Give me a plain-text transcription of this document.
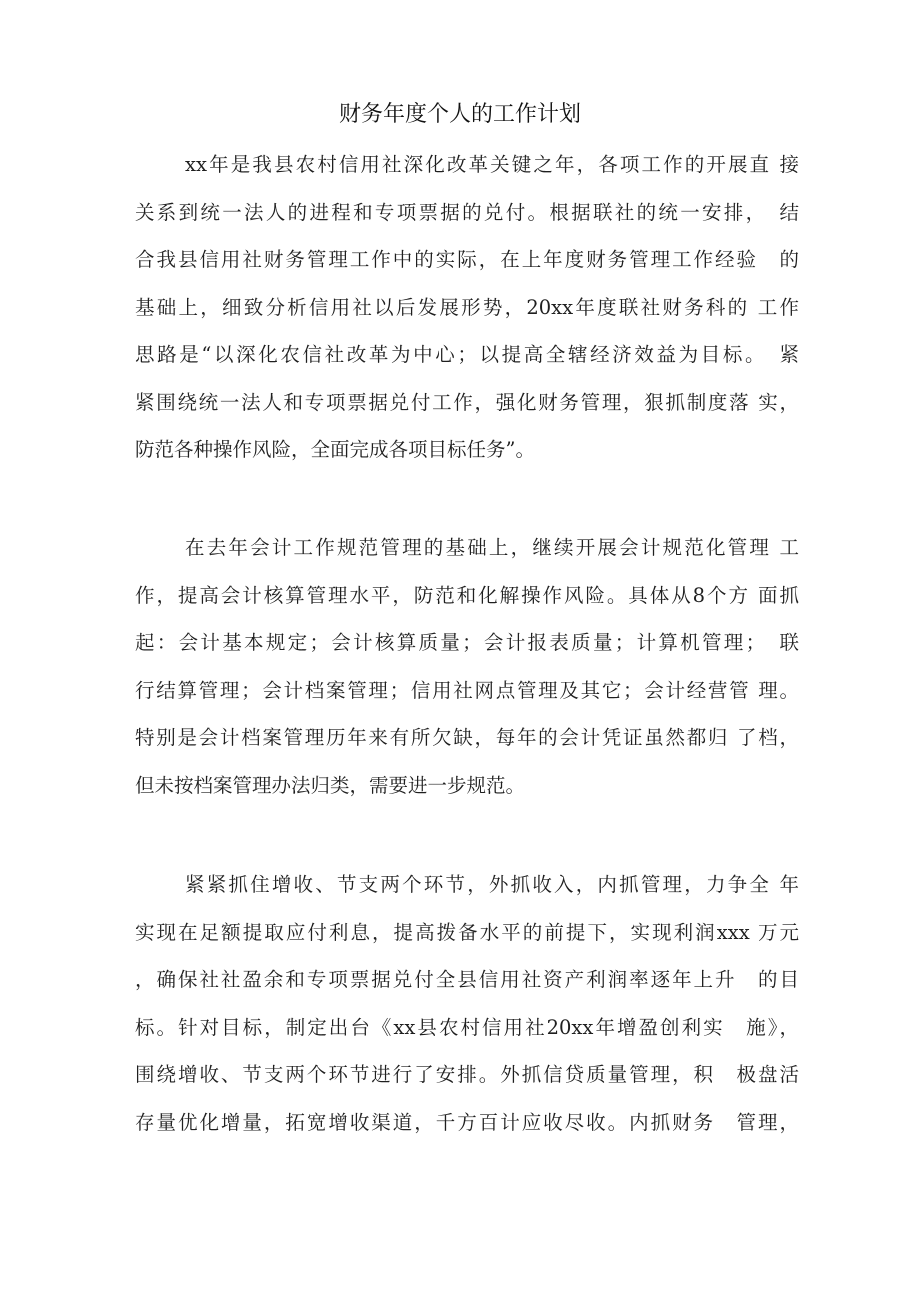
财务年度个人的工作计划
xx年是我县农村信用社深化改革关键之年，各项工作的开展直 接
关系到统一法人的进程和专项票据的兑付。根据联社的统一安排，　结
合我县信用社财务管理工作中的实际，在上年度财务管理工作经验　的
基础上，细致分析信用社以后发展形势，20xx年度联社财务科的 工作
思路是“以深化农信社改革为中心；以提高全辖经济效益为目标。　紧
紧围绕统一法人和专项票据兑付工作，强化财务管理，狠抓制度落 实，
防范各种操作风险，全面完成各项目标任务”。
在去年会计工作规范管理的基础上，继续开展会计规范化管理 工
作，提高会计核算管理水平，防范和化解操作风险。具体从8个方 面抓
起：会计基本规定；会计核算质量；会计报表质量；计算机管理；　联
行结算管理；会计档案管理；信用社网点管理及其它；会计经营管 理。
特别是会计档案管理历年来有所欠缺，每年的会计凭证虽然都归 了档，
但未按档案管理办法归类，需要进一步规范。
紧紧抓住增收、节支两个环节，外抓收入，内抓管理，力争全 年
实现在足额提取应付利息，提高拨备水平的前提下，实现利润xxx 万元
，确保社社盈余和专项票据兑付全县信用社资产利润率逐年上升　的目
标。针对目标，制定出台《xx县农村信用社20xx年增盈创利实　施》，
围绕增收、节支两个环节进行了安排。外抓信贷质量管理，积　极盘活
存量优化增量，拓宽增收渠道，千方百计应收尽收。内抓财务　管理，
